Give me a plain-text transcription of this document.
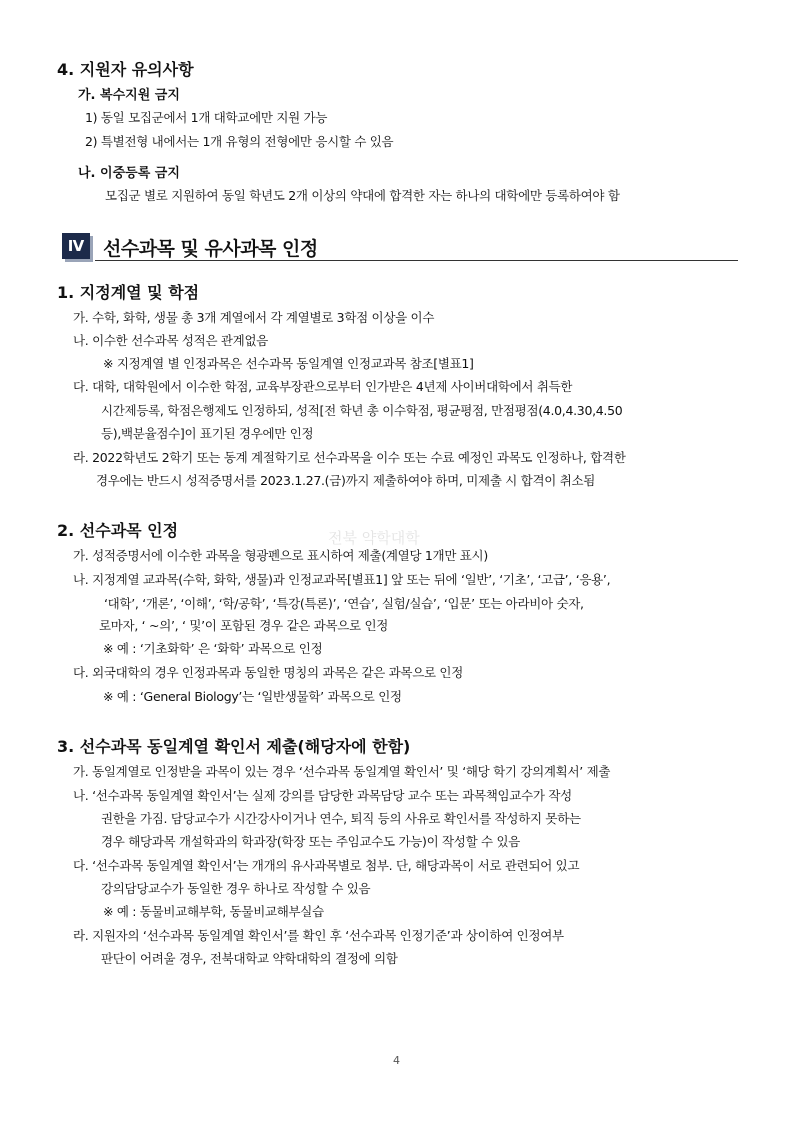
4. 지원자 유의사항
가. 복수지원 금지
1) 동일 모집군에서 1개 대학교에만 지원 가능
2) 특별전형 내에서는 1개 유형의 전형에만 응시할 수 있음
나. 이중등록 금지
모집군 별로 지원하여 동일 학년도 2개 이상의 약대에 합격한 자는 하나의 대학에만 등록하여야 함
Ⅳ 선수과목 및 유사과목 인정
1. 지정계열 및 학점
가. 수학, 화학, 생물 총 3개 계열에서 각 계열별로 3학점 이상을 이수
나. 이수한 선수과목 성적은 관계없음
※ 지정계열 별 인정과목은 선수과목 동일계열 인정교과목 참조[별표1]
다. 대학, 대학원에서 이수한 학점, 교육부장관으로부터 인가받은 4년제 사이버대학에서 취득한
시간제등록, 학점은행제도 인정하되, 성적[전 학년 총 이수학점, 평균평점, 만점평점(4.0,4.30,4.50
등),백분율점수]이 표기된 경우에만 인정
라. 2022학년도 2학기 또는 동계 계절학기로 선수과목을 이수 또는 수료 예정인 과목도 인정하나, 합격한
경우에는 반드시 성적증명서를 2023.1.27.(금)까지 제출하여야 하며, 미제출 시 합격이 취소됨
2. 선수과목 인정	전북 약학대학
가. 성적증명서에 이수한 과목을 형광펜으로 표시하여 제출(계열당 1개만 표시)
나. 지정계열 교과목(수학, 화학, 생물)과 인정교과목[별표1] 앞 또는 뒤에 ‘일반’, ‘기초’, ‘고급’, ‘응용’,
‘대학’, ‘개론’, ‘이해’, ‘학/공학’, ‘특강(특론)’, ‘연습’, 실험/실습’, ‘입문’ 또는 아라비아 숫자,
로마자, ‘ ~의’, ‘ 및’이 포함된 경우 같은 과목으로 인정
※ 예 : ‘기초화학’ 은 ‘화학’ 과목으로 인정
다. 외국대학의 경우 인정과목과 동일한 명칭의 과목은 같은 과목으로 인정
※ 예 : ‘General Biology’는 ‘일반생물학’ 과목으로 인정
3. 선수과목 동일계열 확인서 제출(해당자에 한함)
가. 동일계열로 인정받을 과목이 있는 경우 ‘선수과목 동일계열 확인서’ 및 ‘해당 학기 강의계획서’ 제출
나. ‘선수과목 동일계열 확인서’는 실제 강의를 담당한 과목담당 교수 또는 과목책임교수가 작성
권한을 가짐. 담당교수가 시간강사이거나 연수, 퇴직 등의 사유로 확인서를 작성하지 못하는
경우 해당과목 개설학과의 학과장(학장 또는 주임교수도 가능)이 작성할 수 있음
다. ‘선수과목 동일계열 확인서’는 개개의 유사과목별로 첨부. 단, 해당과목이 서로 관련되어 있고
강의담당교수가 동일한 경우 하나로 작성할 수 있음
※ 예 : 동물비교해부학, 동물비교해부실습
라. 지원자의 ‘선수과목 동일계열 확인서’를 확인 후 ‘선수과목 인정기준’과 상이하여 인정여부
판단이 어려울 경우, 전북대학교 약학대학의 결정에 의함
4
